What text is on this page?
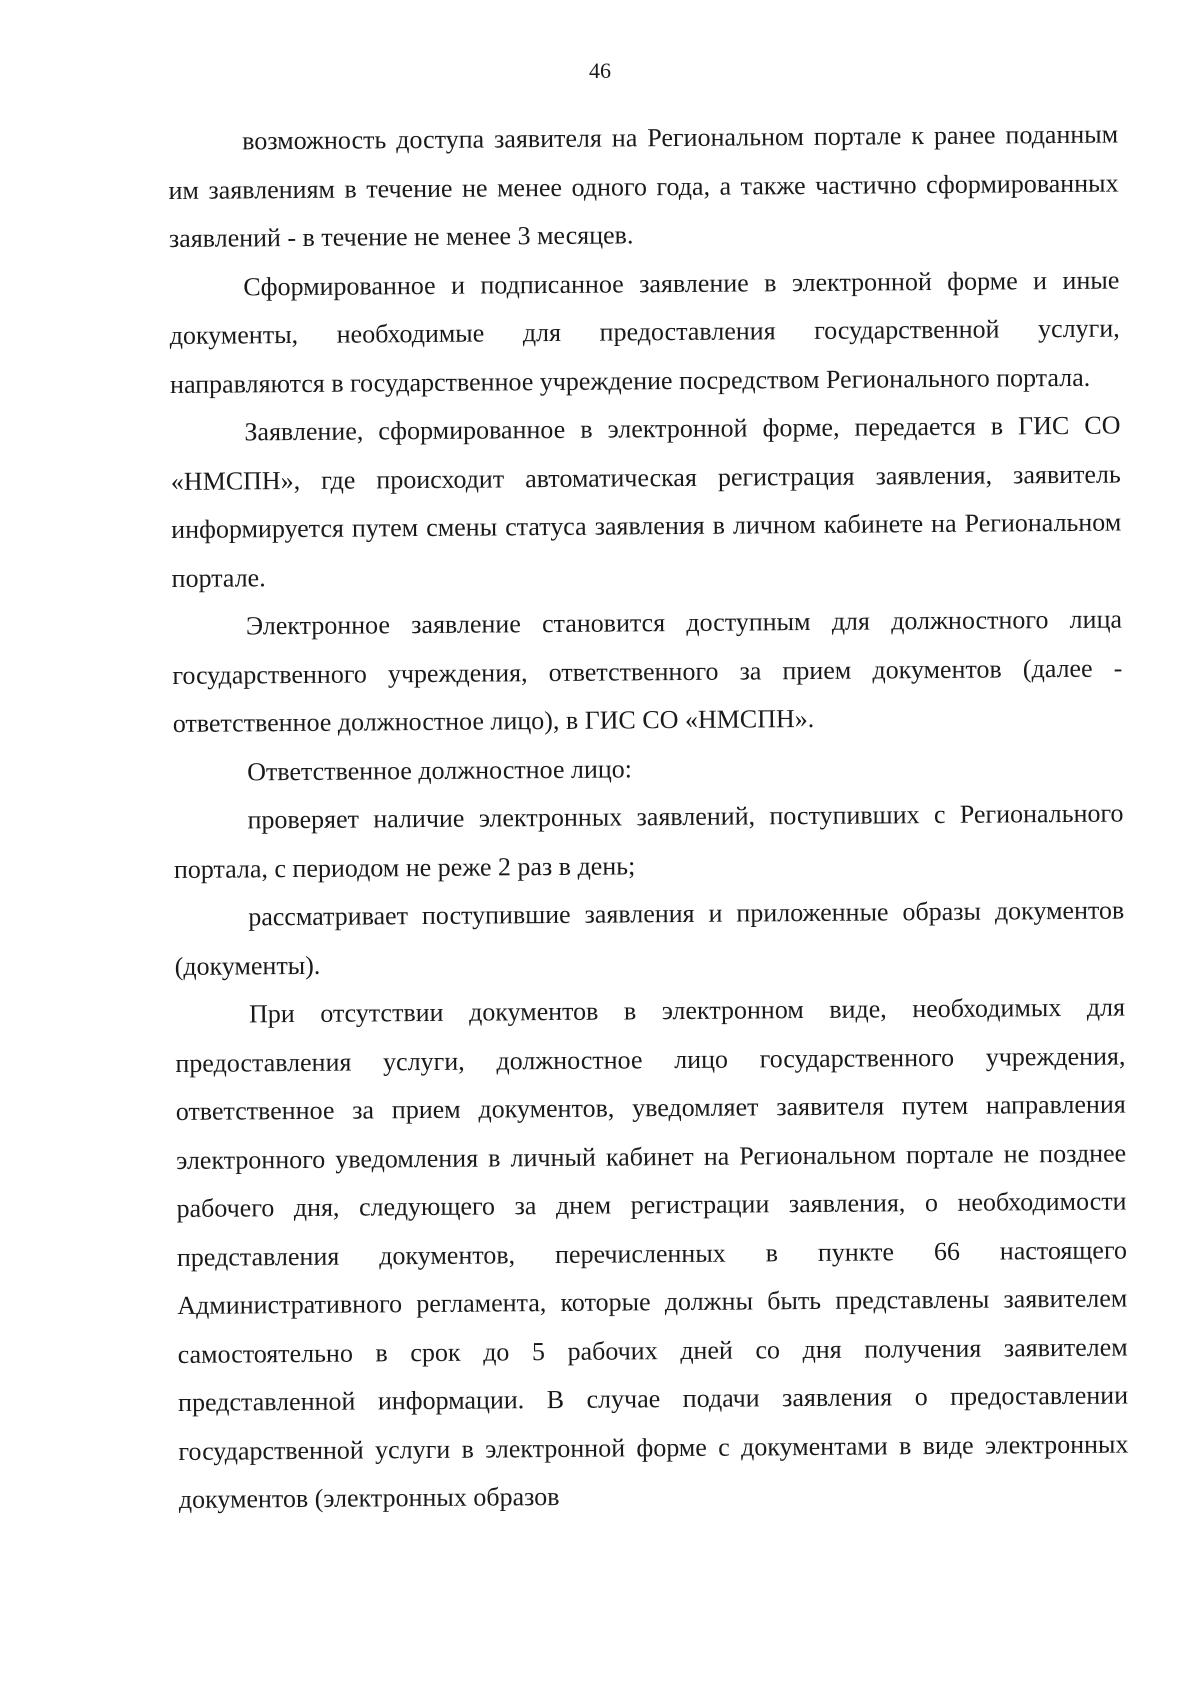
46

возможность доступа заявителя на Региональном портале к ранее поданным им заявлениям в течение не менее одного года, а также частично сформированных заявлений - в течение не менее 3 месяцев.

Сформированное и подписанное заявление в электронной форме и иные документы, необходимые для предоставления государственной услуги, направляются в государственное учреждение посредством Регионального портала.

Заявление, сформированное в электронной форме, передается в ГИС СО «НМСПН», где происходит автоматическая регистрация заявления, заявитель информируется путем смены статуса заявления в личном кабинете на Региональном портале.

Электронное заявление становится доступным для должностного лица государственного учреждения, ответственного за прием документов (далее - ответственное должностное лицо), в ГИС СО «НМСПН».

Ответственное должностное лицо:

проверяет наличие электронных заявлений, поступивших с Регионального портала, с периодом не реже 2 раз в день;

рассматривает поступившие заявления и приложенные образы документов (документы).

При отсутствии документов в электронном виде, необходимых для предоставления услуги, должностное лицо государственного учреждения, ответственное за прием документов, уведомляет заявителя путем направления электронного уведомления в личный кабинет на Региональном портале не позднее рабочего дня, следующего за днем регистрации заявления, о необходимости представления документов, перечисленных в пункте 66 настоящего Административного регламента, которые должны быть представлены заявителем самостоятельно в срок до 5 рабочих дней со дня получения заявителем представленной информации. В случае подачи заявления о предоставлении государственной услуги в электронной форме с документами в виде электронных документов (электронных образов
